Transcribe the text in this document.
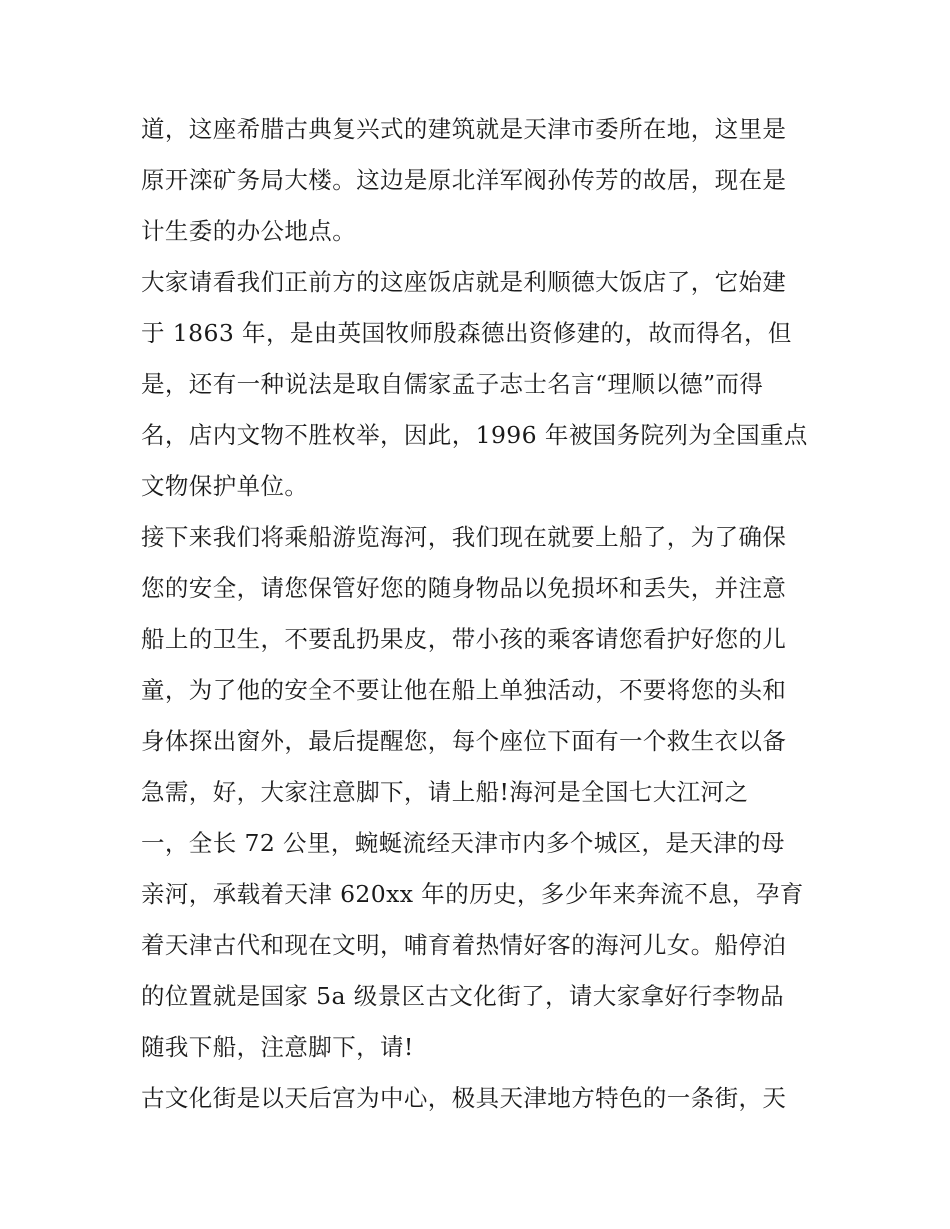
道，这座希腊古典复兴式的建筑就是天津市委所在地，这里是
原开滦矿务局大楼。这边是原北洋军阀孙传芳的故居，现在是
计生委的办公地点。
大家请看我们正前方的这座饭店就是利顺德大饭店了，它始建
于 1863 年，是由英国牧师殷森德出资修建的，故而得名，但
是，还有一种说法是取自儒家孟子志士名言“理顺以德”而得
名，店内文物不胜枚举，因此，1996 年被国务院列为全国重点
文物保护单位。
接下来我们将乘船游览海河，我们现在就要上船了，为了确保
您的安全，请您保管好您的随身物品以免损坏和丢失，并注意
船上的卫生，不要乱扔果皮，带小孩的乘客请您看护好您的儿
童，为了他的安全不要让他在船上单独活动，不要将您的头和
身体探出窗外，最后提醒您，每个座位下面有一个救生衣以备
急需，好，大家注意脚下，请上船!海河是全国七大江河之
一，全长 72 公里，蜿蜒流经天津市内多个城区，是天津的母
亲河，承载着天津 620xx 年的历史，多少年来奔流不息，孕育
着天津古代和现在文明，哺育着热情好客的海河儿女。船停泊
的位置就是国家 5a 级景区古文化街了，请大家拿好行李物品
随我下船，注意脚下，请!
古文化街是以天后宫为中心，极具天津地方特色的一条街，天
